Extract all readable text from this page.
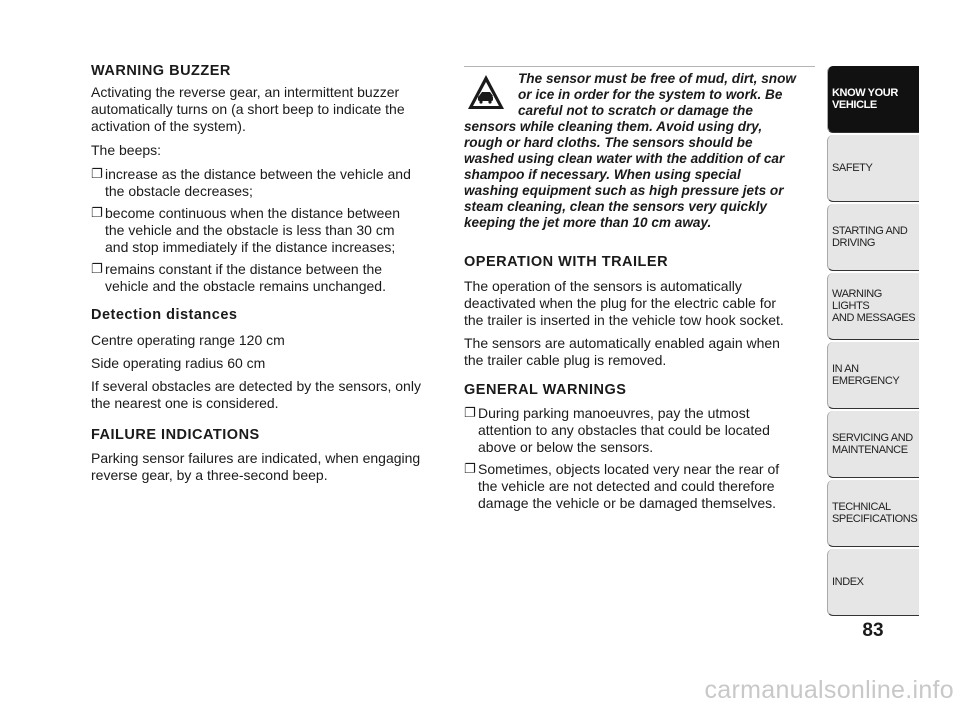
WARNING BUZZER
Activating the reverse gear, an intermittent buzzer
automatically turns on (a short beep to indicate the
activation of the system).
The beeps:
❐ increase as the distance between the vehicle and
the obstacle decreases;
❐ become continuous when the distance between
the vehicle and the obstacle is less than 30 cm
and stop immediately if the distance increases;
❐ remains constant if the distance between the
vehicle and the obstacle remains unchanged.
Detection distances
Centre operating range 120 cm
Side operating radius 60 cm
If several obstacles are detected by the sensors, only
the nearest one is considered.
FAILURE INDICATIONS
Parking sensor failures are indicated, when engaging
reverse gear, by a three-second beep.
The sensor must be free of mud, dirt, snow
or ice in order for the system to work. Be
careful not to scratch or damage the
sensors while cleaning them. Avoid using dry,
rough or hard cloths. The sensors should be
washed using clean water with the addition of car
shampoo if necessary. When using special
washing equipment such as high pressure jets or
steam cleaning, clean the sensors very quickly
keeping the jet more than 10 cm away.
OPERATION WITH TRAILER
The operation of the sensors is automatically
deactivated when the plug for the electric cable for
the trailer is inserted in the vehicle tow hook socket.
The sensors are automatically enabled again when
the trailer cable plug is removed.
GENERAL WARNINGS
❐ During parking manoeuvres, pay the utmost
attention to any obstacles that could be located
above or below the sensors.
❐ Sometimes, objects located very near the rear of
the vehicle are not detected and could therefore
damage the vehicle or be damaged themselves.
KNOW YOUR
VEHICLE
SAFETY
STARTING AND
DRIVING
WARNING LIGHTS
AND MESSAGES
IN AN EMERGENCY
SERVICING AND
MAINTENANCE
TECHNICAL
SPECIFICATIONS
INDEX
83
carmanualsonline.info
